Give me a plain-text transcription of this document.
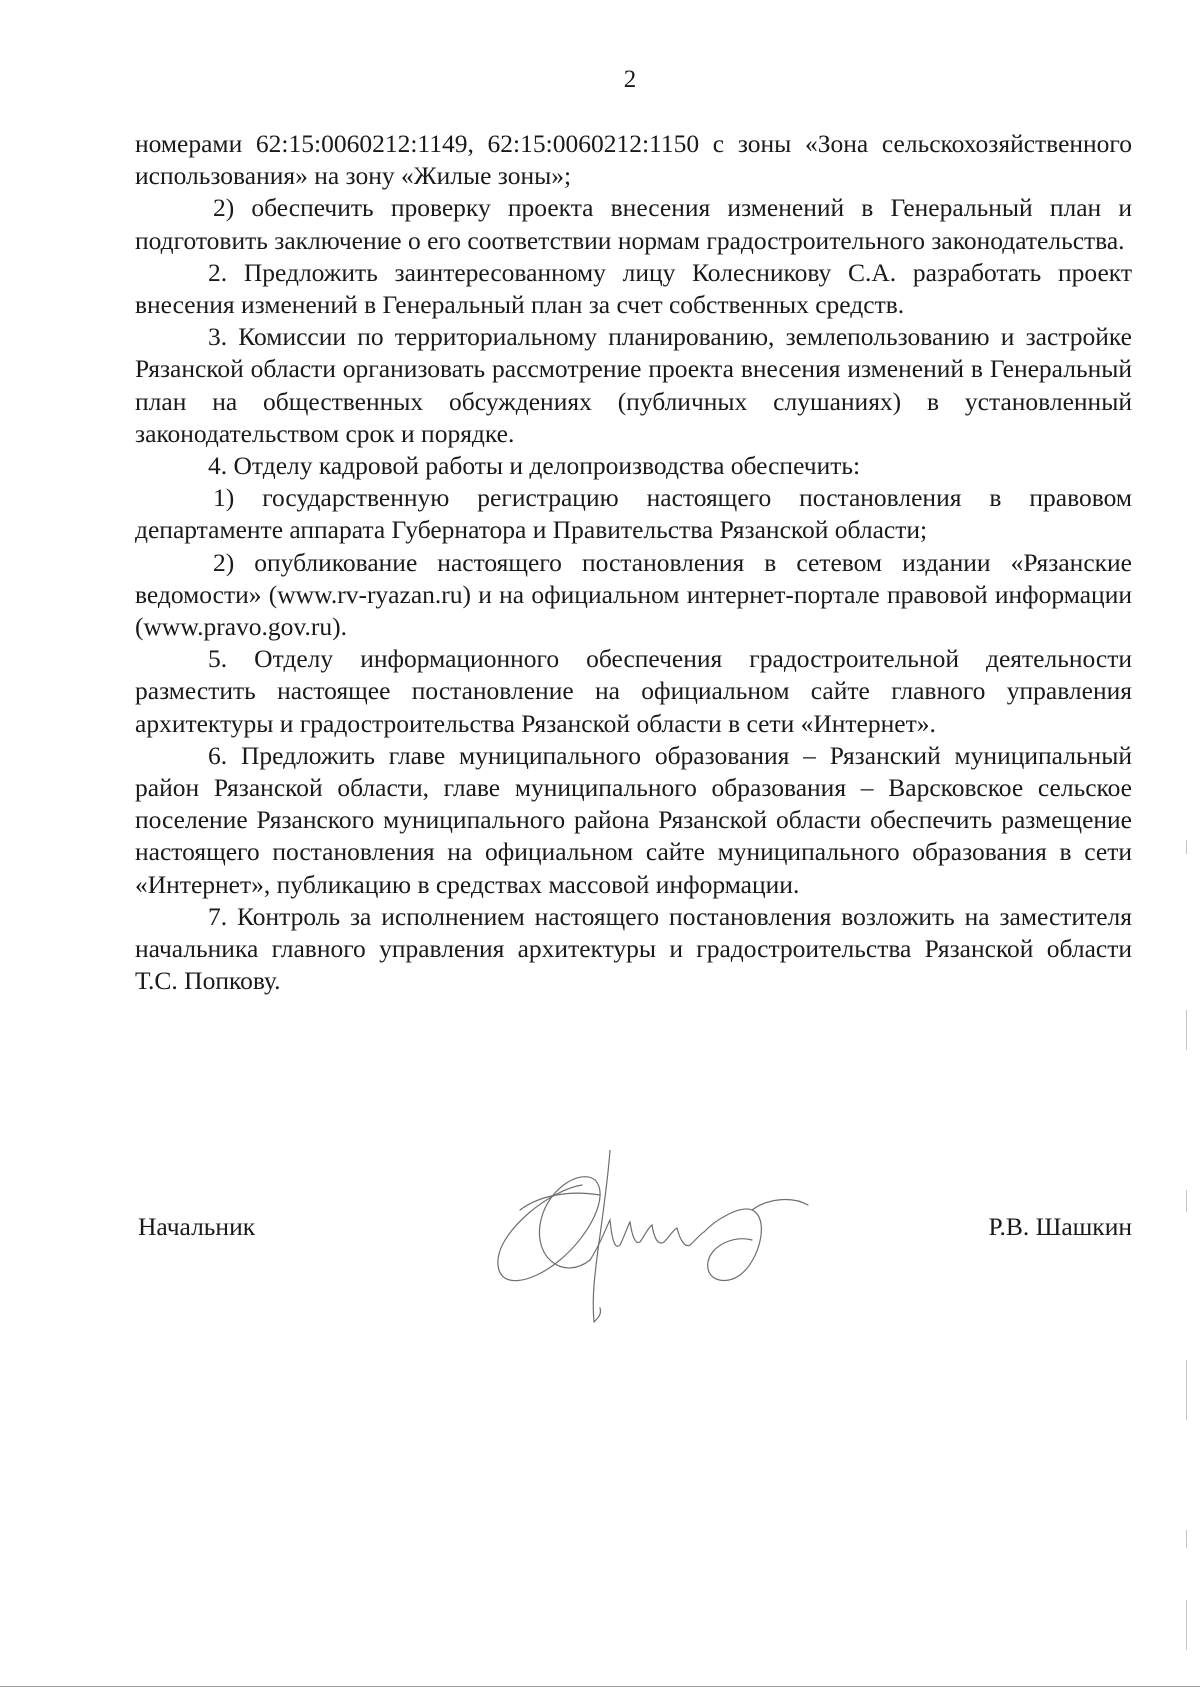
2

номерами 62:15:0060212:1149, 62:15:0060212:1150 с зоны «Зона сельскохозяйственного использования» на зону «Жилые зоны»;

2) обеспечить проверку проекта внесения изменений в Генеральный план и подготовить заключение о его соответствии нормам градостроительного законодательства.

2. Предложить заинтересованному лицу Колесникову С.А. разработать проект внесения изменений в Генеральный план за счет собственных средств.

3. Комиссии по территориальному планированию, землепользованию и застройке Рязанской области организовать рассмотрение проекта внесения изменений в Генеральный план на общественных обсуждениях (публичных слушаниях) в установленный законодательством срок и порядке.

4. Отделу кадровой работы и делопроизводства обеспечить:

1) государственную регистрацию настоящего постановления в правовом департаменте аппарата Губернатора и Правительства Рязанской области;

2) опубликование настоящего постановления в сетевом издании «Рязанские ведомости» (www.rv-ryazan.ru) и на официальном интернет-портале правовой информации (www.pravo.gov.ru).

5. Отделу информационного обеспечения градостроительной деятельности разместить настоящее постановление на официальном сайте главного управления архитектуры и градостроительства Рязанской области в сети «Интернет».

6. Предложить главе муниципального образования – Рязанский муниципальный район Рязанской области, главе муниципального образования – Варсковское сельское поселение Рязанского муниципального района Рязанской области обеспечить размещение настоящего постановления на официальном сайте муниципального образования в сети «Интернет», публикацию в средствах массовой информации.

7. Контроль за исполнением настоящего постановления возложить на заместителя начальника главного управления архитектуры и градостроительства Рязанской области Т.С. Попкову.

Начальник	Р.В. Шашкин
